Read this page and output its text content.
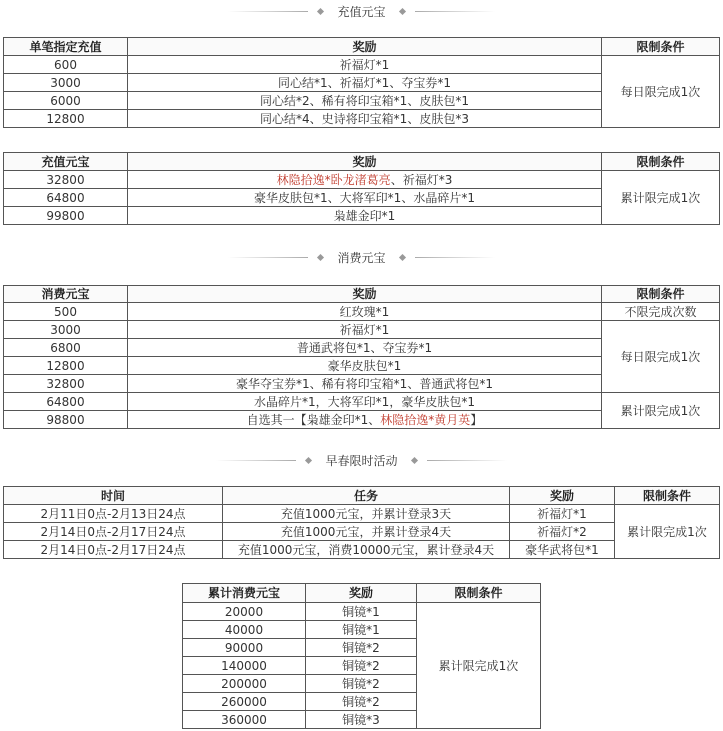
充值元宝
单笔指定充值	奖励	限制条件
600	祈福灯*1	每日限完成1次
3000	同心结*1、祈福灯*1、夺宝券*1	
6000	同心结*2、稀有将印宝箱*1、皮肤包*1	
12800	同心结*4、史诗将印宝箱*1、皮肤包*3	
充值元宝	奖励	限制条件
32800	林隐拾逸*卧龙渚葛亮、祈福灯*3	累计限完成1次
64800	豪华皮肤包*1、大将军印*1、水晶碎片*1	
99800	枭雄金印*1	
消费元宝
消费元宝	奖励	限制条件
500	红玫瑰*1	不限完成次数
3000	祈福灯*1	每日限完成1次
6800	普通武将包*1、夺宝券*1	
12800	豪华皮肤包*1	
32800	豪华夺宝券*1、稀有将印宝箱*1、普通武将包*1	
64800	水晶碎片*1，大将军印*1，豪华皮肤包*1	累计限完成1次
98800	自选其一【枭雄金印*1、林隐拾逸*黄月英】	
早春限时活动
时间	任务	奖励	限制条件
2月11日0点-2月13日24点	充值1000元宝，并累计登录3天	祈福灯*1	累计限完成1次
2月14日0点-2月17日24点	充值1000元宝，并累计登录4天	祈福灯*2	
2月14日0点-2月17日24点	充值1000元宝，消费10000元宝，累计登录4天	豪华武将包*1	
累计消费元宝	奖励	限制条件
20000	铜镜*1	累计限完成1次
40000	铜镜*1	
90000	铜镜*2	
140000	铜镜*2	
200000	铜镜*2	
260000	铜镜*2	
360000	铜镜*3	
